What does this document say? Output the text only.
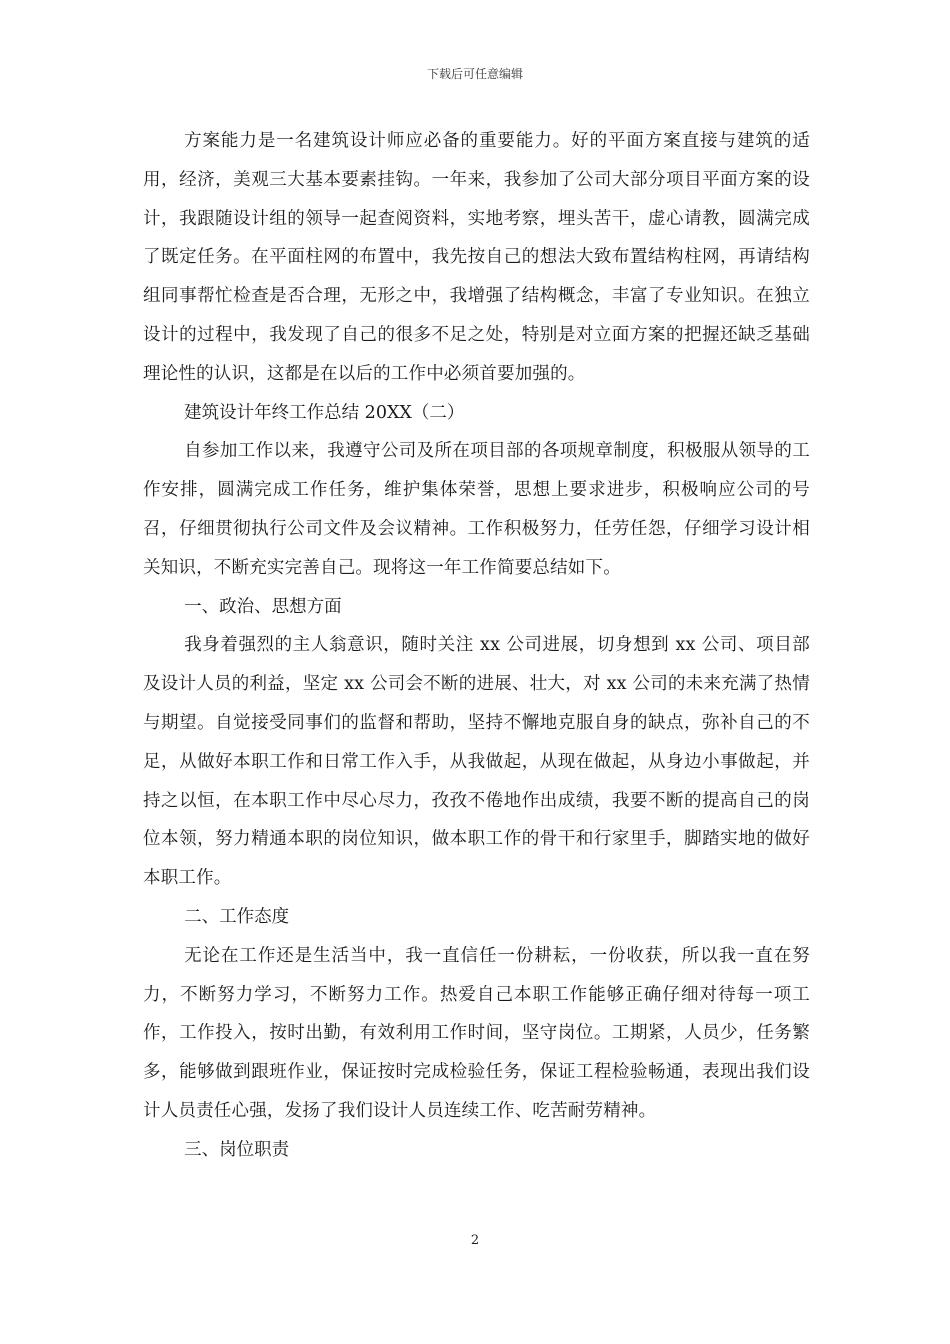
下载后可任意编辑

方案能力是一名建筑设计师应必备的重要能力。好的平面方案直接与建筑的适用，经济，美观三大基本要素挂钩。一年来，我参加了公司大部分项目平面方案的设计，我跟随设计组的领导一起查阅资料，实地考察，埋头苦干，虚心请教，圆满完成了既定任务。在平面柱网的布置中，我先按自己的想法大致布置结构柱网，再请结构组同事帮忙检查是否合理，无形之中，我增强了结构概念，丰富了专业知识。在独立设计的过程中，我发现了自己的很多不足之处，特别是对立面方案的把握还缺乏基础理论性的认识，这都是在以后的工作中必须首要加强的。

建筑设计年终工作总结 20XX（二）

自参加工作以来，我遵守公司及所在项目部的各项规章制度，积极服从领导的工作安排，圆满完成工作任务，维护集体荣誉，思想上要求进步，积极响应公司的号召，仔细贯彻执行公司文件及会议精神。工作积极努力，任劳任怨，仔细学习设计相关知识，不断充实完善自己。现将这一年工作简要总结如下。

一、政治、思想方面

我身着强烈的主人翁意识，随时关注 xx 公司进展，切身想到 xx 公司、项目部及设计人员的利益，坚定 xx 公司会不断的进展、壮大，对 xx 公司的未来充满了热情与期望。自觉接受同事们的监督和帮助，坚持不懈地克服自身的缺点，弥补自己的不足，从做好本职工作和日常工作入手，从我做起，从现在做起，从身边小事做起，并持之以恒，在本职工作中尽心尽力，孜孜不倦地作出成绩，我要不断的提高自己的岗位本领，努力精通本职的岗位知识，做本职工作的骨干和行家里手，脚踏实地的做好本职工作。

二、工作态度

无论在工作还是生活当中，我一直信任一份耕耘，一份收获，所以我一直在努力，不断努力学习，不断努力工作。热爱自己本职工作能够正确仔细对待每一项工作，工作投入，按时出勤，有效利用工作时间，坚守岗位。工期紧，人员少，任务繁多，能够做到跟班作业，保证按时完成检验任务，保证工程检验畅通，表现出我们设计人员责任心强，发扬了我们设计人员连续工作、吃苦耐劳精神。

三、岗位职责

2
